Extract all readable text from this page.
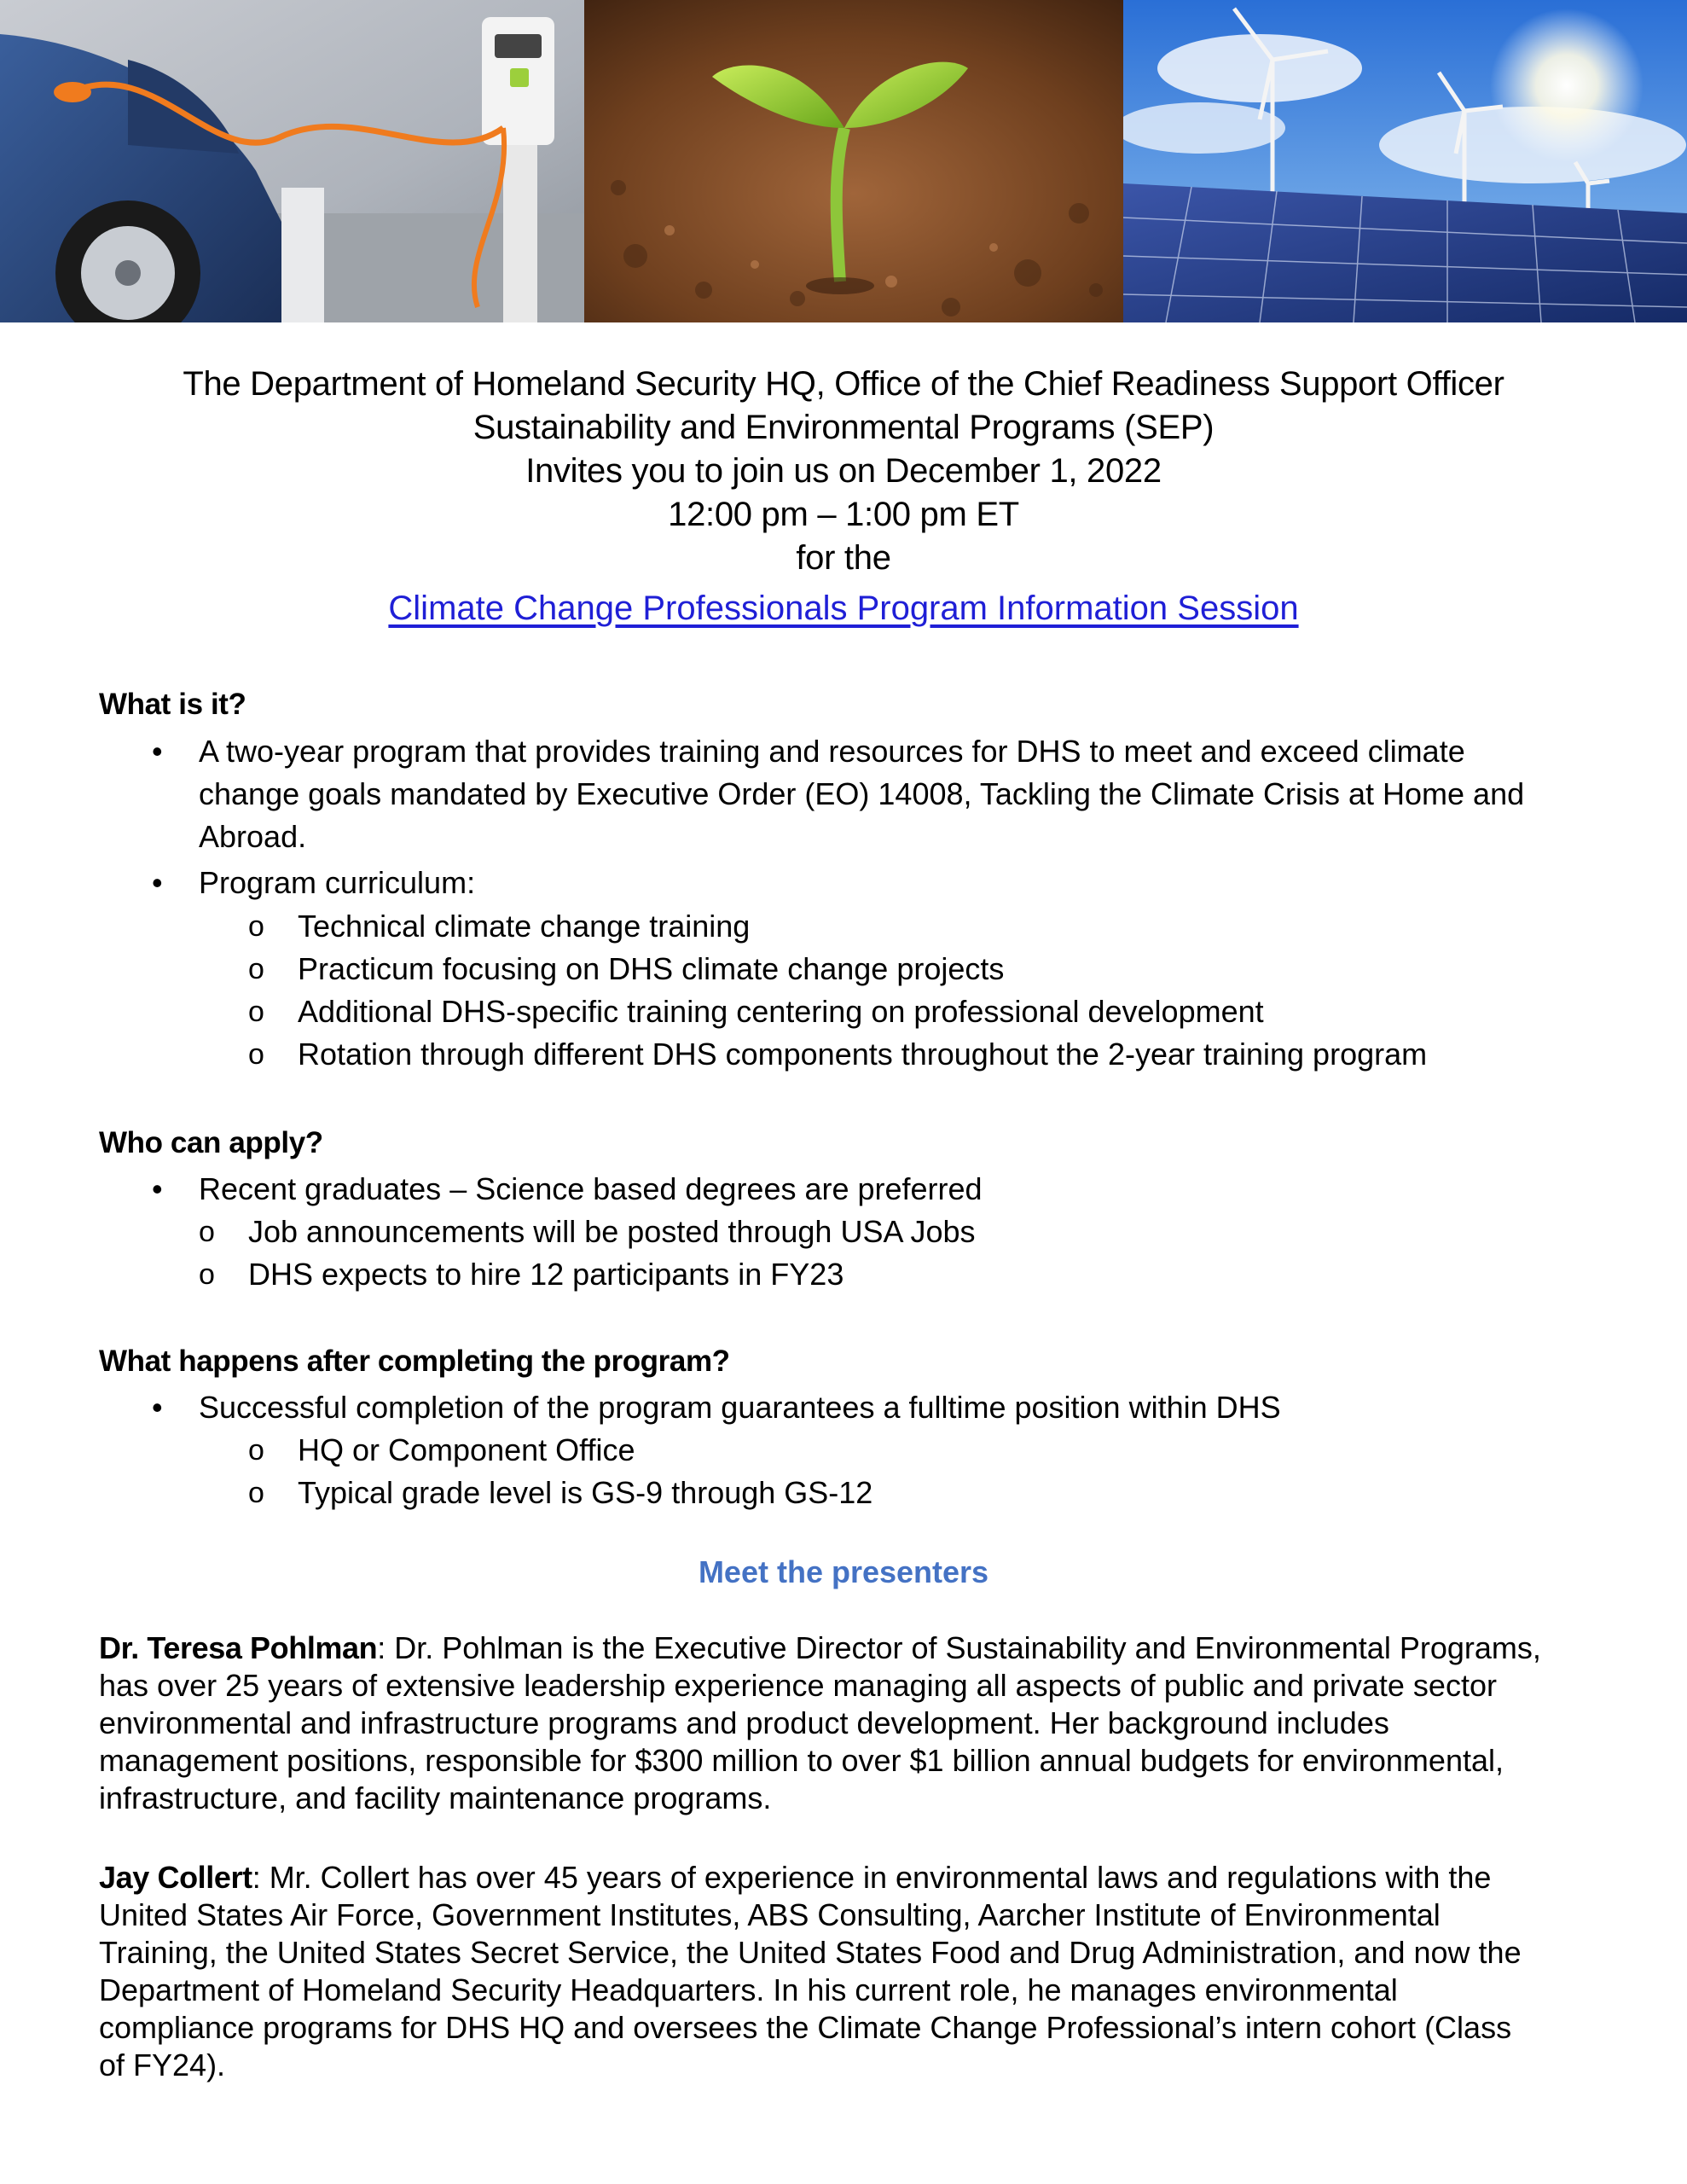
The Department of Homeland Security HQ, Office of the Chief Readiness Support Officer
Sustainability and Environmental Programs (SEP)
Invites you to join us on December 1, 2022
12:00 pm – 1:00 pm ET
for the
Climate Change Professionals Program Information Session
What is it?
• A two-year program that provides training and resources for DHS to meet and exceed climate
change goals mandated by Executive Order (EO) 14008, Tackling the Climate Crisis at Home and
Abroad.
• Program curriculum:
o Technical climate change training
o Practicum focusing on DHS climate change projects
o Additional DHS-specific training centering on professional development
o Rotation through different DHS components throughout the 2-year training program
Who can apply?
• Recent graduates – Science based degrees are preferred
o Job announcements will be posted through USA Jobs
o DHS expects to hire 12 participants in FY23
What happens after completing the program?
• Successful completion of the program guarantees a fulltime position within DHS
o HQ or Component Office
o Typical grade level is GS-9 through GS-12
Meet the presenters
Dr. Teresa Pohlman: Dr. Pohlman is the Executive Director of Sustainability and Environmental Programs,
has over 25 years of extensive leadership experience managing all aspects of public and private sector
environmental and infrastructure programs and product development. Her background includes
management positions, responsible for $300 million to over $1 billion annual budgets for environmental,
infrastructure, and facility maintenance programs.
Jay Collert: Mr. Collert has over 45 years of experience in environmental laws and regulations with the
United States Air Force, Government Institutes, ABS Consulting, Aarcher Institute of Environmental
Training, the United States Secret Service, the United States Food and Drug Administration, and now the
Department of Homeland Security Headquarters. In his current role, he manages environmental
compliance programs for DHS HQ and oversees the Climate Change Professional’s intern cohort (Class
of FY24).
